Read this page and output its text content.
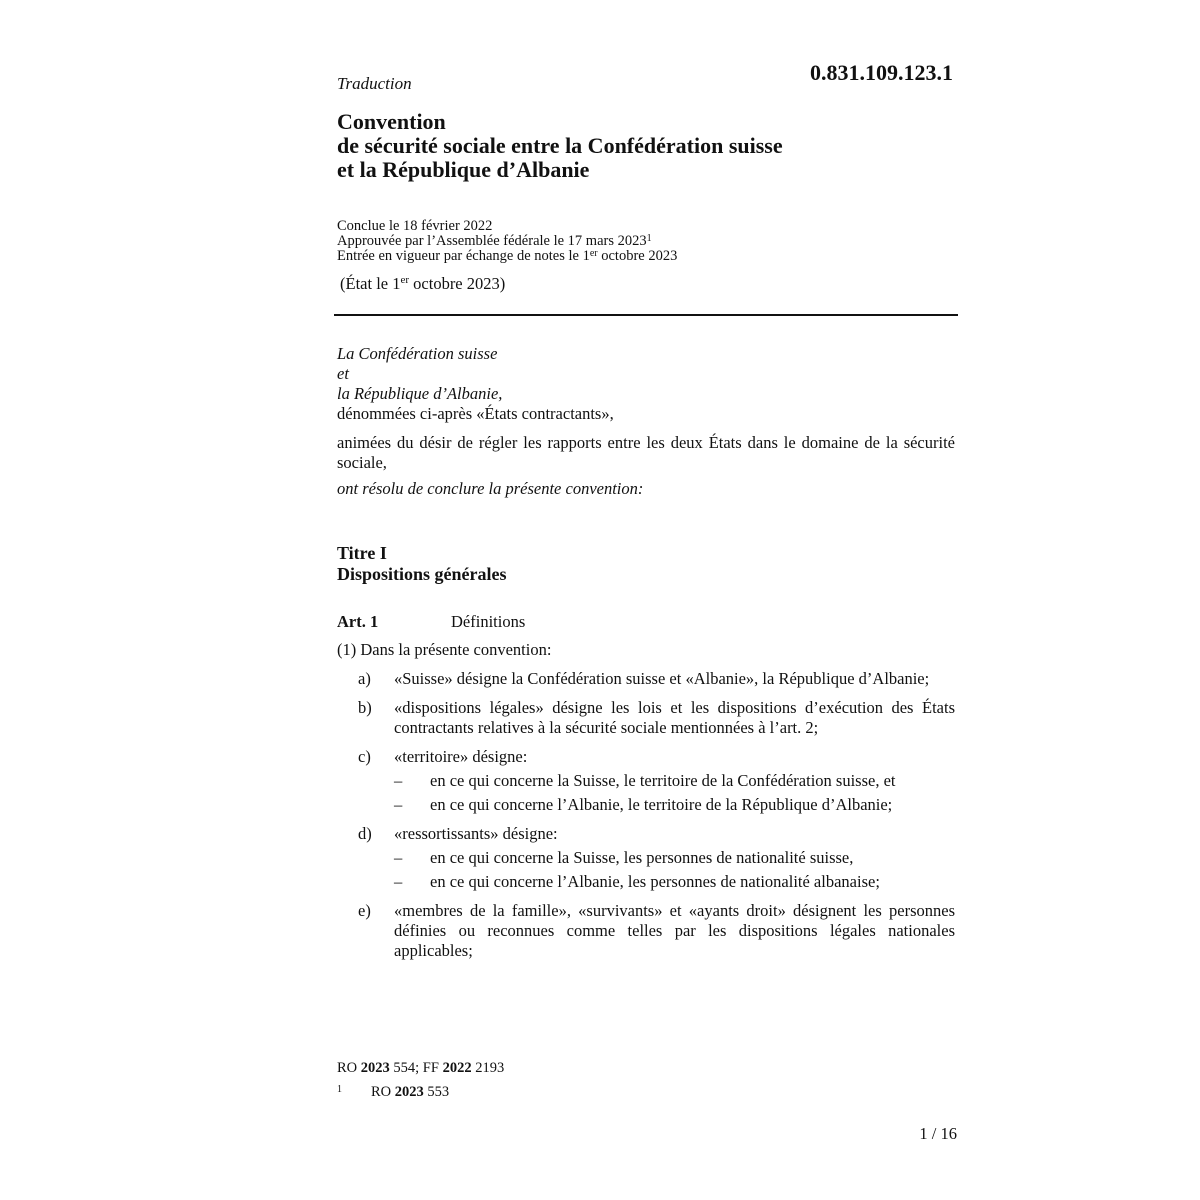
0.831.109.123.1
Traduction
Convention
de sécurité sociale entre la Confédération suisse
et la République d’Albanie
Conclue le 18 février 2022
Approuvée par l’Assemblée fédérale le 17 mars 2023$^1$
Entrée en vigueur par échange de notes le 1er octobre 2023
(État le 1er octobre 2023)

La Confédération suisse

et

la République d’Albanie,

dénommées ci-après «États contractants»,

animées du désir de régler les rapports entre les deux États dans le domaine de la sécurité sociale,

ont résolu de conclure la présente convention:

Titre I
Dispositions générales
Art. 1	Définitions

(1) Dans la présente convention:

a) «Suisse» désigne la Confédération suisse et «Albanie», la République d’Albanie;
b) «dispositions légales» désigne les lois et les dispositions d’exécution des États contractants relatives à la sécurité sociale mentionnées à l’art. 2;
c) «territoire» désigne:
– en ce qui concerne la Suisse, le territoire de la Confédération suisse, et
– en ce qui concerne l’Albanie, le territoire de la République d’Albanie;
d) «ressortissants» désigne:
– en ce qui concerne la Suisse, les personnes de nationalité suisse,
– en ce qui concerne l’Albanie, les personnes de nationalité albanaise;
e) «membres de la famille», «survivants» et «ayants droit» désignent les personnes définies ou reconnues comme telles par les dispositions légales nationales applicables;
RO 2023 554; FF 2022 2193
1 RO 2023 553
1 / 16
